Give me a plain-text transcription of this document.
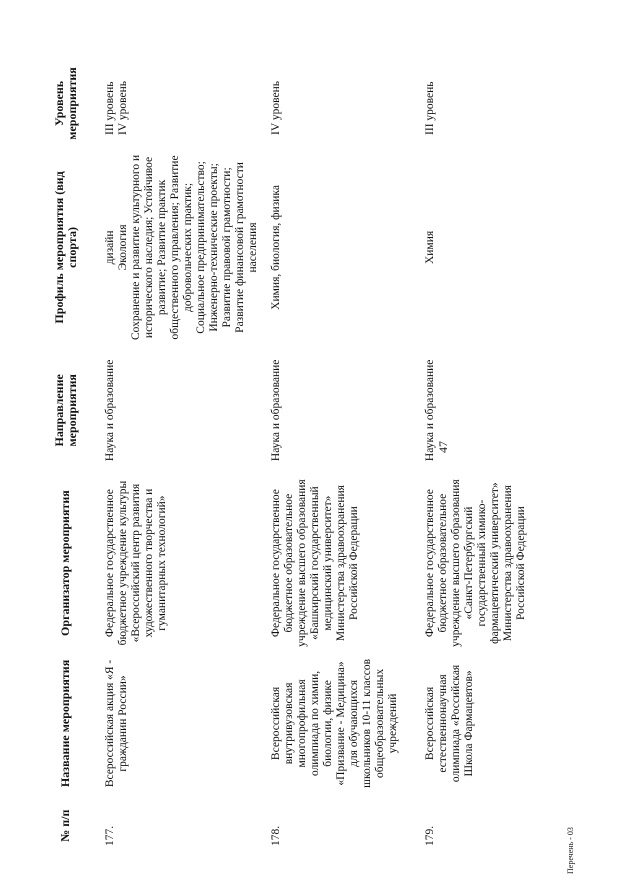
47
№ п/п	Название мероприятия	Организатор мероприятия	Направление мероприятия	Профиль мероприятия (вид спорта)	Уровень мероприятия
177.	Всероссийская акция «Я - гражданин России»	Федеральное государственное бюджетное учреждение культуры «Всероссийский центр развития художественного творчества и гуманитарных технологий»	Наука и образование	дизайн Экология Сохранение и развитие культурного и исторического наследия; Устойчивое развитие; Развитие практик общественного управления; Развитие добровольческих практик; Социальное предпринимательство; Инженерно-технические проекты; Развитие правовой грамотности; Развитие финансовой грамотности населения	III уровень IV уровень

178.	Всероссийская внутривузовская многопрофильная олимпиада по химии, биологии, физике «Призвание - Медицина» для обучающихся школьников 10-11 классов общеобразовательных учреждений	Федеральное государственное бюджетное образовательное учреждение высшего образования «Башкирский государственный медицинский университет» Министерства здравоохранения Российской Федерации	Наука и образование	Химия, биология, физика	IV уровень

179.	Всероссийская естественнонаучная олимпиада «Российская Школа Фармацевтов»	Федеральное государственное бюджетное образовательное учреждение высшего образования «Санкт-Петербургский государственный химико-фармацевтический университет» Министерства здравоохранения Российской Федерации	Наука и образование	Химия	III уровень
Перечень - 03
